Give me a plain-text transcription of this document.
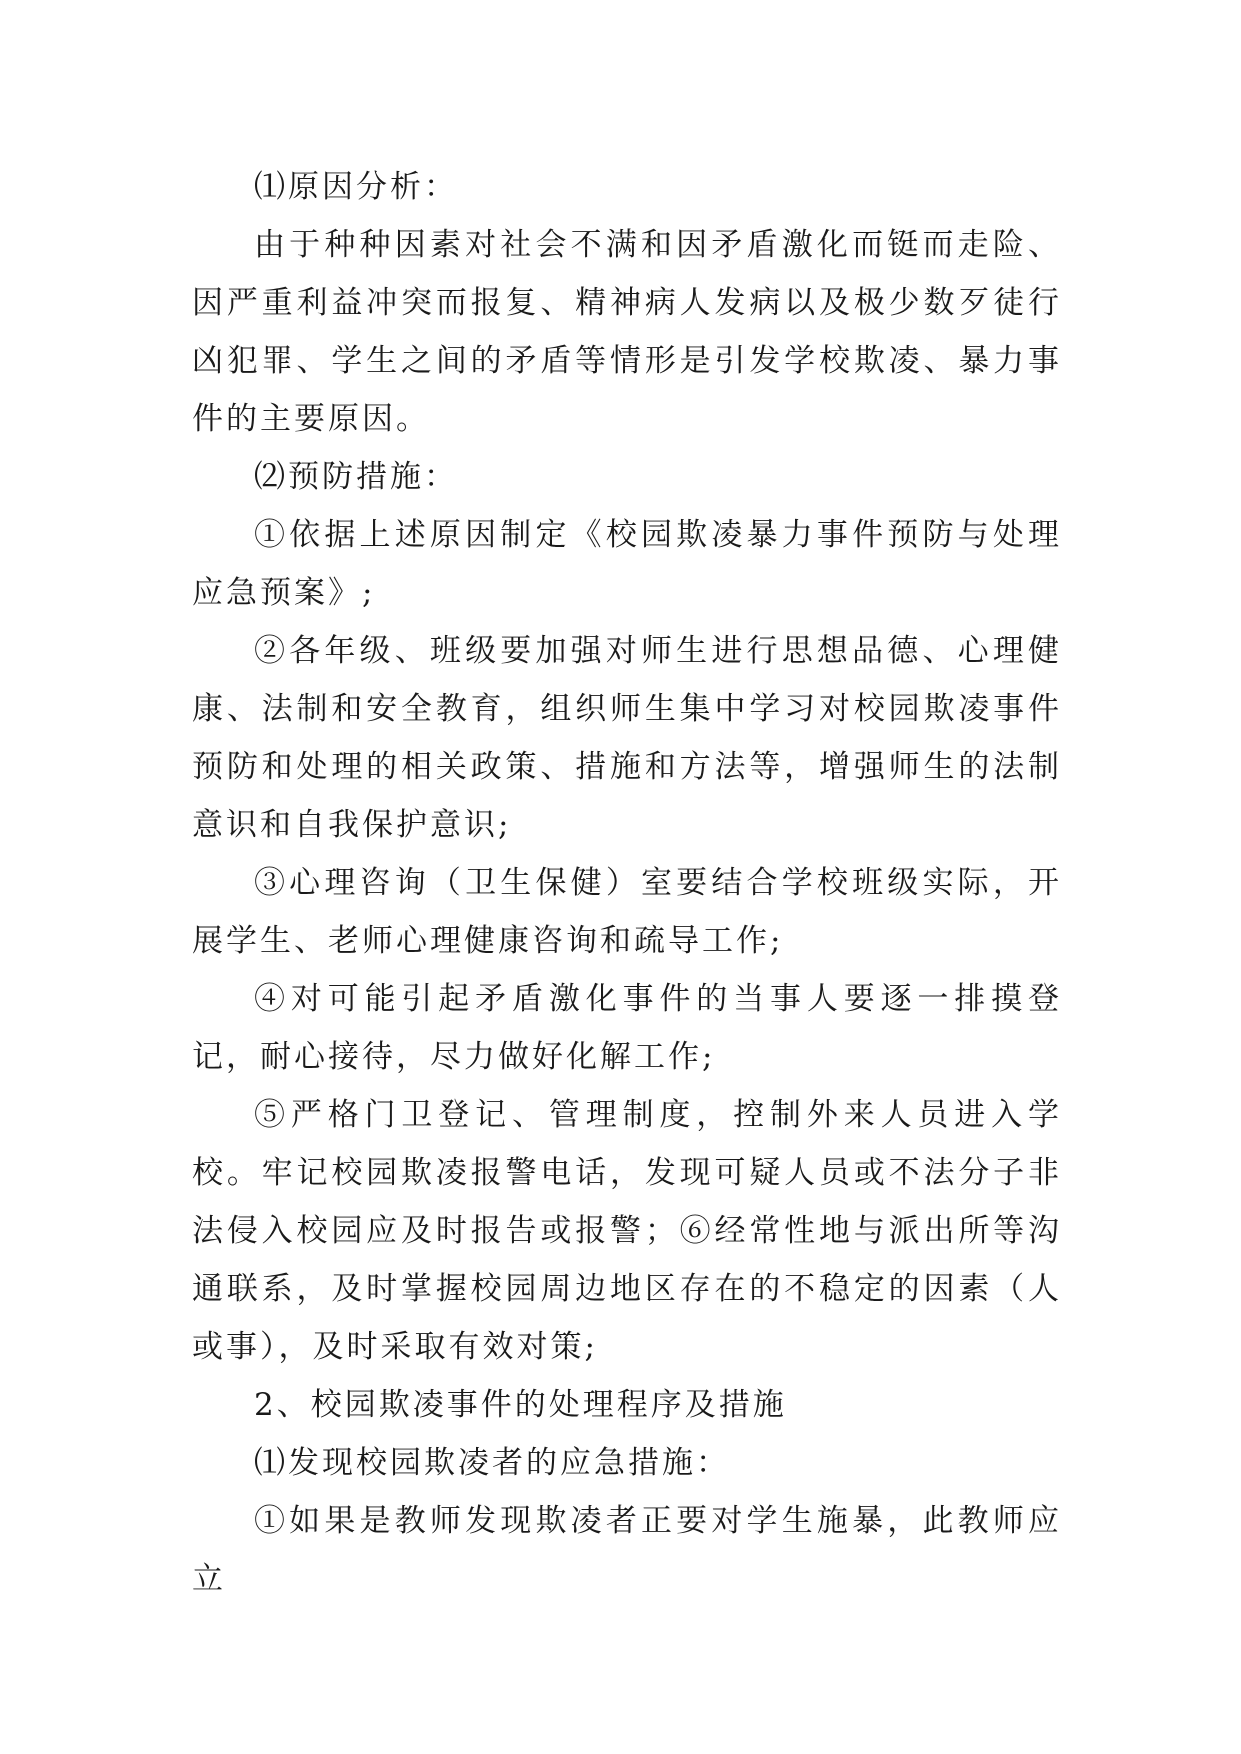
⑴原因分析：

由于种种因素对社会不满和因矛盾激化而铤而走险、因严重利益冲突而报复、精神病人发病以及极少数歹徒行凶犯罪、学生之间的矛盾等情形是引发学校欺凌、暴力事件的主要原因。

⑵预防措施：

①依据上述原因制定《校园欺凌暴力事件预防与处理应急预案》;

②各年级、班级要加强对师生进行思想品德、心理健康、法制和安全教育，组织师生集中学习对校园欺凌事件预防和处理的相关政策、措施和方法等，增强师生的法制意识和自我保护意识;

③心理咨询（卫生保健）室要结合学校班级实际，开展学生、老师心理健康咨询和疏导工作;

④对可能引起矛盾激化事件的当事人要逐一排摸登记，耐心接待，尽力做好化解工作;

⑤严格门卫登记、管理制度，控制外来人员进入学校。牢记校园欺凌报警电话，发现可疑人员或不法分子非法侵入校园应及时报告或报警；⑥经常性地与派出所等沟通联系，及时掌握校园周边地区存在的不稳定的因素（人或事），及时采取有效对策;

2、校园欺凌事件的处理程序及措施

⑴发现校园欺凌者的应急措施：

①如果是教师发现欺凌者正要对学生施暴，此教师应立
